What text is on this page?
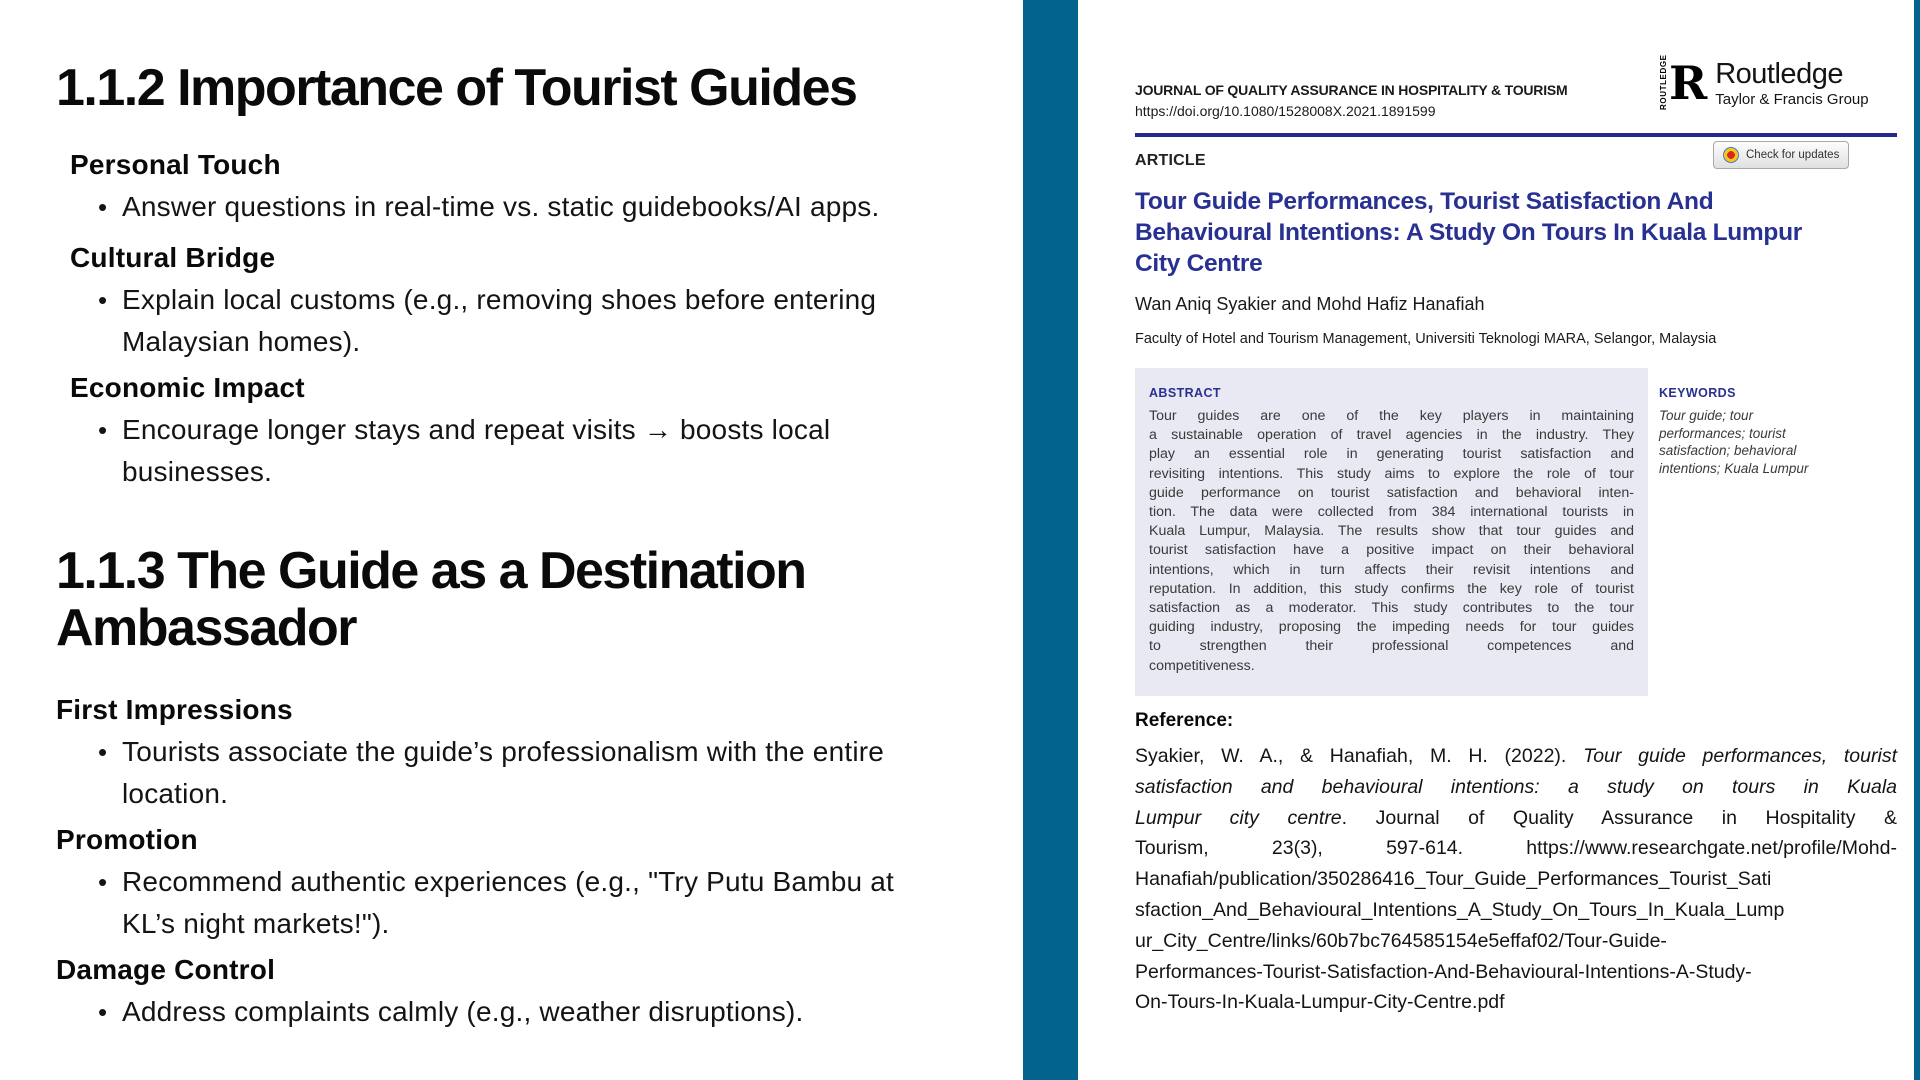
1.1.2 Importance of Tourist Guides
Personal Touch
•
Answer questions in real-time vs. static guidebooks/AI apps.
Cultural Bridge
•
Explain local customs (e.g., removing shoes before entering
Malaysian homes).
Economic Impact
•
Encourage longer stays and repeat visits → boosts local
businesses.
1.1.3 The Guide as a Destination
Ambassador
First Impressions
•
Tourists associate the guide’s professionalism with the entire
location.
Promotion
•
Recommend authentic experiences (e.g., "Try Putu Bambu at
KL’s night markets!").
Damage Control
•
Address complaints calmly (e.g., weather disruptions).
JOURNAL OF QUALITY ASSURANCE IN HOSPITALITY & TOURISM
https://doi.org/10.1080/1528008X.2021.1891599
ROUTLEDGE R Routledge
Taylor & Francis Group
ARTICLE	Check for updates
Tour Guide Performances, Tourist Satisfaction And
Behavioural Intentions: A Study On Tours In Kuala Lumpur
City Centre
Wan Aniq Syakier and Mohd Hafiz Hanafiah
Faculty of Hotel and Tourism Management, Universiti Teknologi MARA, Selangor, Malaysia
ABSTRACT
Tour guides are one of the key players in maintaining
a sustainable operation of travel agencies in the industry. They
play an essential role in generating tourist satisfaction and
revisiting intentions. This study aims to explore the role of tour
guide performance on tourist satisfaction and behavioral inten-
tion. The data were collected from 384 international tourists in
Kuala Lumpur, Malaysia. The results show that tour guides and
tourist satisfaction have a positive impact on their behavioral
intentions, which in turn affects their revisit intentions and
reputation. In addition, this study confirms the key role of tourist
satisfaction as a moderator. This study contributes to the tour
guiding industry, proposing the impeding needs for tour guides
to strengthen their professional competences and
competitiveness.
KEYWORDS
Tour guide; tour
performances; tourist
satisfaction; behavioral
intentions; Kuala Lumpur
Reference:
Syakier, W. A., & Hanafiah, M. H. (2022). Tour guide performances, tourist
satisfaction and behavioural intentions: a study on tours in Kuala
Lumpur city centre. Journal of Quality Assurance in Hospitality &
Tourism, 23(3), 597-614. https://www.researchgate.net/profile/Mohd-
Hanafiah/publication/350286416_Tour_Guide_Performances_Tourist_Sati
sfaction_And_Behavioural_Intentions_A_Study_On_Tours_In_Kuala_Lump
ur_City_Centre/links/60b7bc764585154e5effaf02/Tour-Guide-
Performances-Tourist-Satisfaction-And-Behavioural-Intentions-A-Study-
On-Tours-In-Kuala-Lumpur-City-Centre.pdf
